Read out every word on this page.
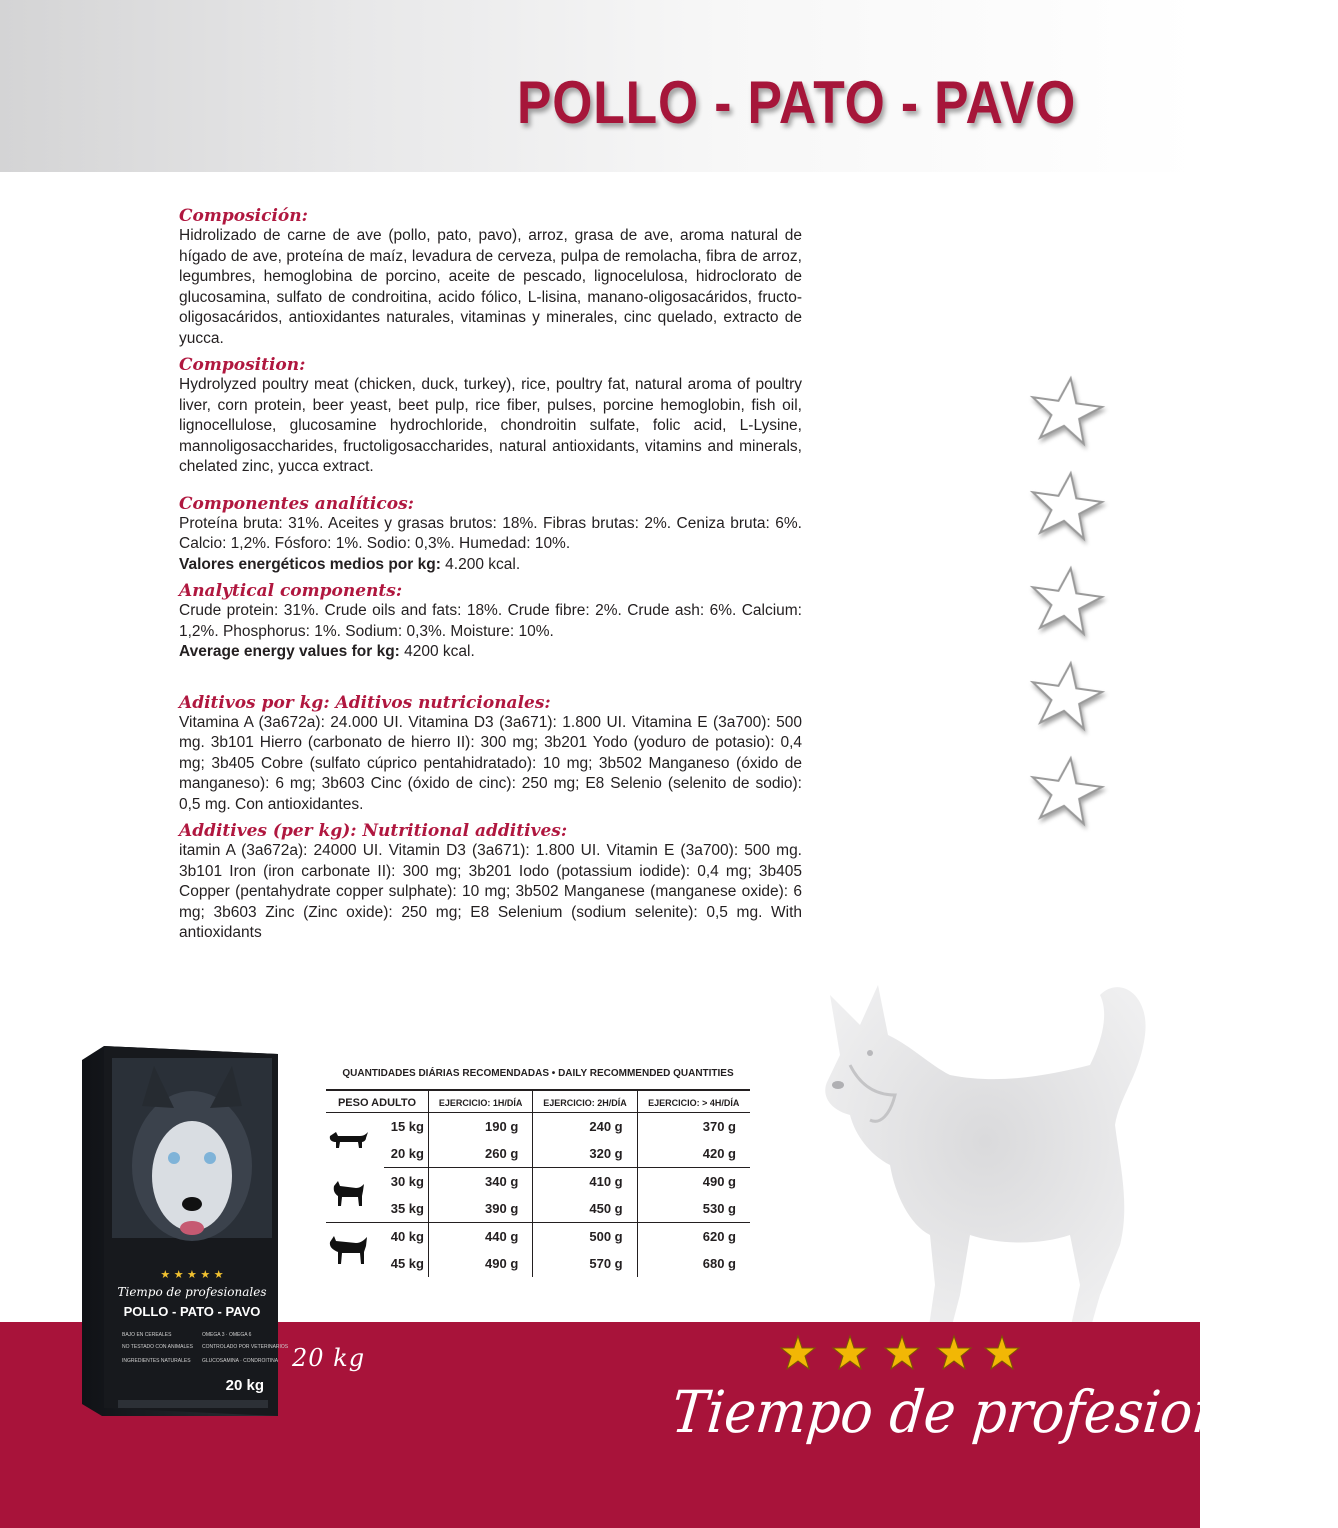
POLLO - PATO - PAVO
Composición:

Hidrolizado de carne de ave (pollo, pato, pavo), arroz, grasa de ave, aroma natural de hígado de ave, proteína de maíz, levadura de cerveza, pulpa de remolacha, fibra de arroz, legumbres, hemoglobina de porcino, aceite de pescado, lignocelulosa, hidroclorato de glucosamina, sulfato de condroitina, acido fólico, L-lisina, manano-oligosacáridos, fructo-oligosacáridos, antioxidantes naturales, vitaminas y minerales, cinc quelado, extracto de yucca.

Composition:

Hydrolyzed poultry meat (chicken, duck, turkey), rice, poultry fat, natural aroma of poultry liver, corn protein, beer yeast, beet pulp, rice fiber, pulses, porcine hemoglobin, fish oil, lignocellulose, glucosamine hydrochloride, chondroitin sulfate, folic acid, L-Lysine, mannoligosaccharides, fructoligosaccharides, natural antioxidants, vitamins and minerals, chelated zinc, yucca extract.

Componentes analíticos:

Proteína bruta: 31%. Aceites y grasas brutos: 18%. Fibras brutas: 2%. Ceniza bruta: 6%. Calcio: 1,2%. Fósforo: 1%. Sodio: 0,3%. Humedad: 10%.

Valores energéticos medios por kg: 4.200 kcal.

Analytical components:

Crude protein: 31%. Crude oils and fats: 18%. Crude fibre: 2%. Crude ash: 6%. Calcium: 1,2%. Phosphorus: 1%. Sodium: 0,3%. Moisture: 10%.

Average energy values for kg: 4200 kcal.

Aditivos por kg: Aditivos nutricionales:

Vitamina A (3a672a): 24.000 UI. Vitamina D3 (3a671): 1.800 UI. Vitamina E (3a700): 500 mg. 3b101 Hierro (carbonato de hierro II): 300 mg; 3b201 Yodo (yoduro de potasio): 0,4 mg; 3b405 Cobre (sulfato cúprico pentahidratado): 10 mg; 3b502 Manganeso (óxido de manganeso): 6 mg; 3b603 Cinc (óxido de cinc): 250 mg; E8 Selenio (selenito de sodio): 0,5 mg. Con antioxidantes.

Additives (per kg): Nutritional additives:

itamin A (3a672a): 24000 UI. Vitamin D3 (3a671): 1.800 UI. Vitamin E (3a700): 500 mg. 3b101 Iron (iron carbonate II): 300 mg; 3b201 Iodo (potassium iodide): 0,4 mg; 3b405 Copper (pentahydrate copper sulphate): 10 mg; 3b502 Manganese (manganese oxide): 6 mg; 3b603 Zinc (Zinc oxide): 250 mg; E8 Selenium (sodium selenite): 0,5 mg. With antioxidants

★ ★ ★ ★ ★
Tiempo de profesionales
POLLO - PATO - PAVO
BAJO EN CEREALES	OMEGA 3 · OMEGA 6
NO TESTADO CON ANIMALES CONTROLADO POR VETERINARIOS
INGREDIENTES NATURALES GLUCOSAMINA · CONDROITINA
20 kg
20 kg
Tiempo de profesionales
QUANTIDADES DIÁRIAS RECOMENDADAS • DAILY RECOMMENDED QUANTITIES
PESO ADULTO		EJERCICIO: 1H/DÍA	EJERCICIO: 2H/DÍA	EJERCICIO: > 4H/DÍA
	15 kg	190 g	240 g	370 g
	20 kg	260 g	320 g	420 g
	30 kg	340 g	410 g	490 g
	35 kg	390 g	450 g	530 g
	40 kg	440 g	500 g	620 g
	45 kg	490 g	570 g	680 g
